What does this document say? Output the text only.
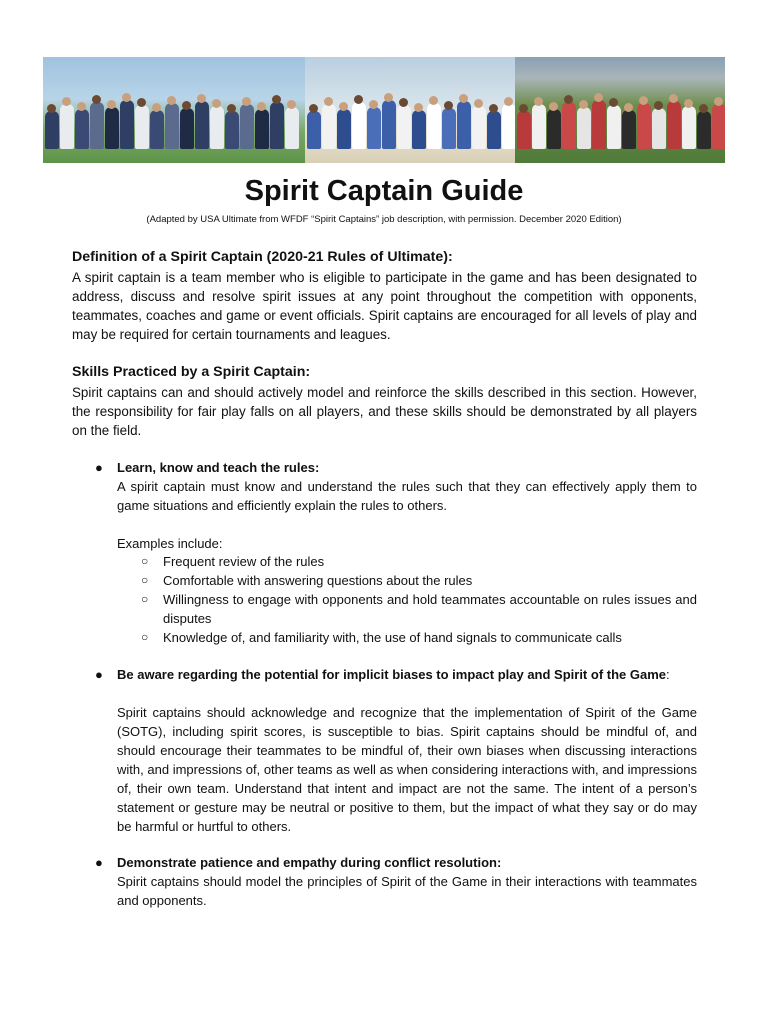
Spirit Captain Guide
(Adapted by USA Ultimate from WFDF “Spirit Captains” job description, with permission. December 2020 Edition)
Definition of a Spirit Captain (2020-21 Rules of Ultimate):
A spirit captain is a team member who is eligible to participate in the game and has been designated to address, discuss and resolve spirit issues at any point throughout the competition with opponents, teammates, coaches and game or event officials. Spirit captains are encouraged for all levels of play and may be required for certain tournaments and leagues.
Skills Practiced by a Spirit Captain:
Spirit captains can and should actively model and reinforce the skills described in this section. However, the responsibility for fair play falls on all players, and these skills should be demonstrated by all players on the field.
● Learn, know and teach the rules:
A spirit captain must know and understand the rules such that they can effectively apply them to game situations and efficiently explain the rules to others.
Examples include:
○ Frequent review of the rules
○ Comfortable with answering questions about the rules
○ Willingness to engage with opponents and hold teammates accountable on rules issues and disputes
○ Knowledge of, and familiarity with, the use of hand signals to communicate calls
● Be aware regarding the potential for implicit biases to impact play and Spirit of the Game:
Spirit captains should acknowledge and recognize that the implementation of Spirit of the Game (SOTG), including spirit scores, is susceptible to bias. Spirit captains should be mindful of, and should encourage their teammates to be mindful of, their own biases when discussing interactions with, and impressions of, other teams as well as when considering interactions with, and impressions of, their own team. Understand that intent and impact are not the same. The intent of a person’s statement or gesture may be neutral or positive to them, but the impact of what they say or do may be harmful or hurtful to others.
● Demonstrate patience and empathy during conflict resolution:
Spirit captains should model the principles of Spirit of the Game in their interactions with teammates and opponents.
